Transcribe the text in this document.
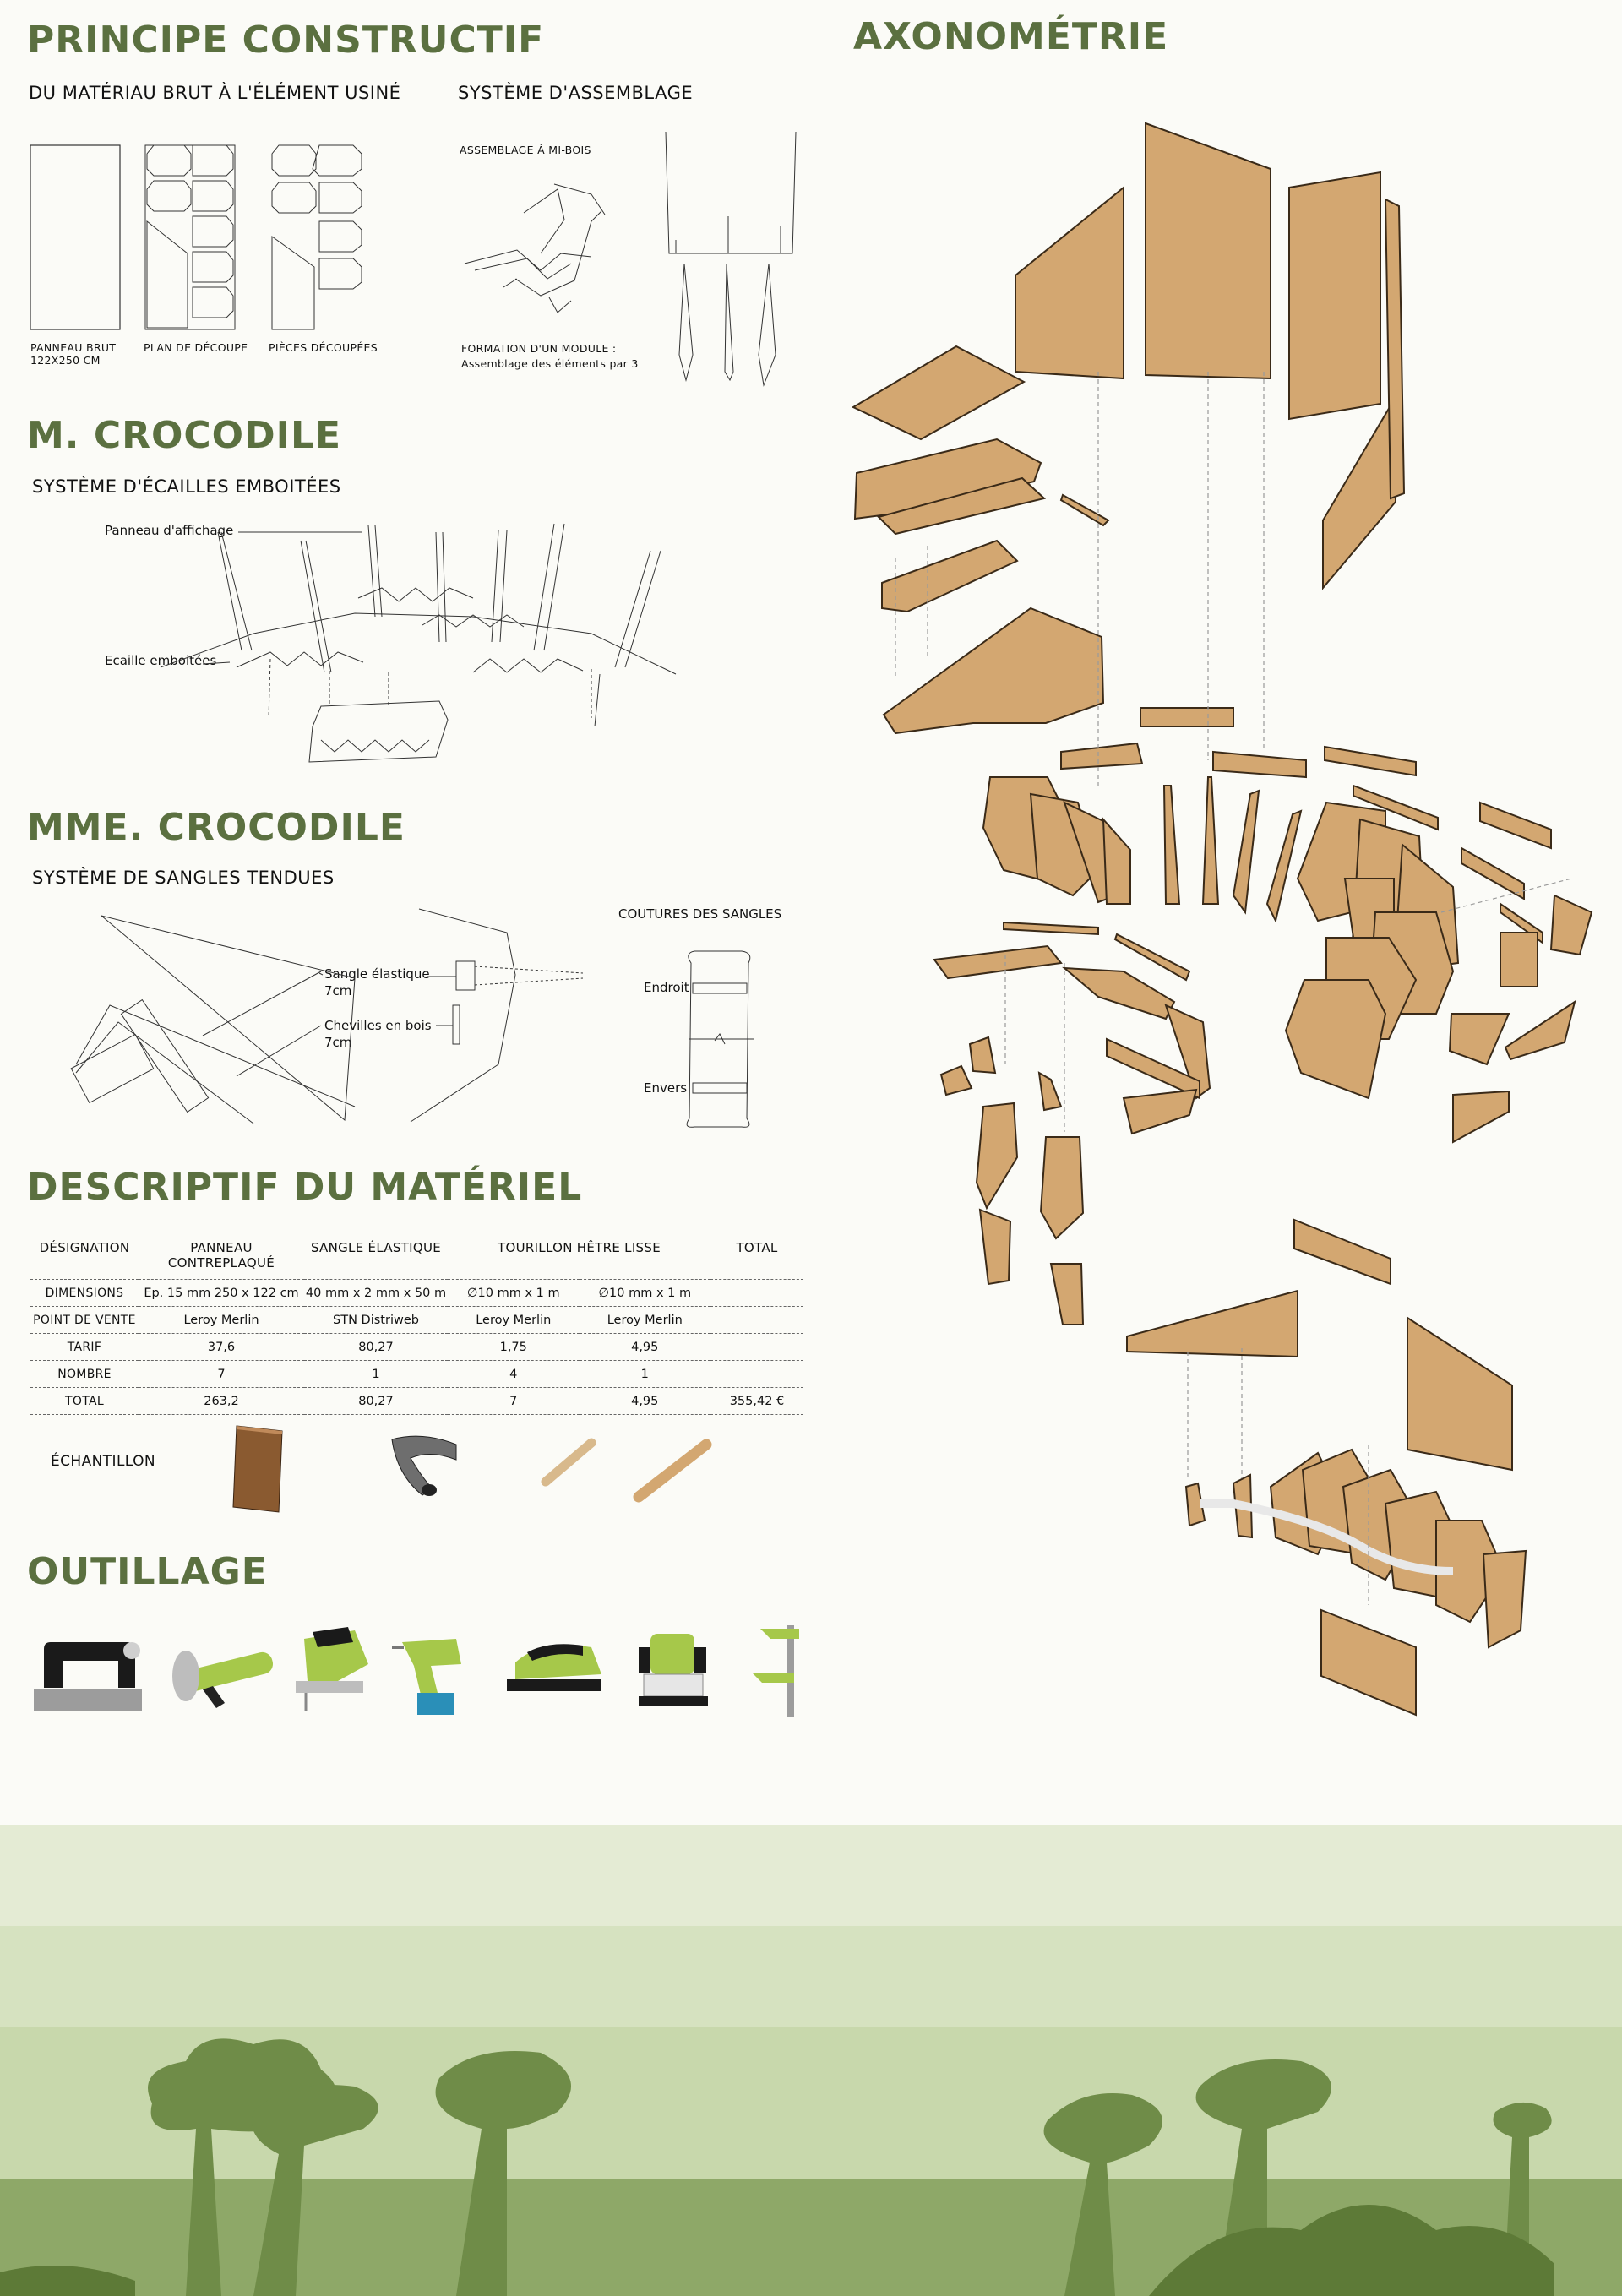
PRINCIPE CONSTRUCTIF
DU MATÉRIAU BRUT À L'ÉLÉMENT USINÉ	SYSTÈME D'ASSEMBLAGE
PANNEAU BRUT
122X250 CM
PLAN DE DÉCOUPE PIÈCES DÉCOUPÉES
ASSEMBLAGE À MI-BOIS
FORMATION D'UN MODULE :
Assemblage des éléments par 3
M. CROCODILE
SYSTÈME D'ÉCAILLES EMBOITÉES
Panneau d'affichage
Ecaille emboitées
MME. CROCODILE
SYSTÈME DE SANGLES TENDUES
Sangle élastique
7cm
Chevilles en bois
7cm
COUTURES DES SANGLES
Endroit
Envers
DESCRIPTIF DU MATÉRIEL
DÉSIGNATION	PANNEAU CONTREPLAQUÉ	SANGLE ÉLASTIQUE	TOURILLON HÊTRE LISSE		TOTAL
DIMENSIONS	Ep. 15 mm 250 x 122 cm	40 mm x 2 mm x 50 m	∅10 mm x 1 m	∅10 mm x 1 m	
POINT DE VENTE	Leroy Merlin	STN Distriweb	Leroy Merlin	Leroy Merlin	
TARIF	37,6	80,27	1,75	4,95	
NOMBRE	7	1	4	1	
TOTAL	263,2	80,27	7	4,95	355,42 €
ÉCHANTILLON
OUTILLAGE
AXONOMÉTRIE
